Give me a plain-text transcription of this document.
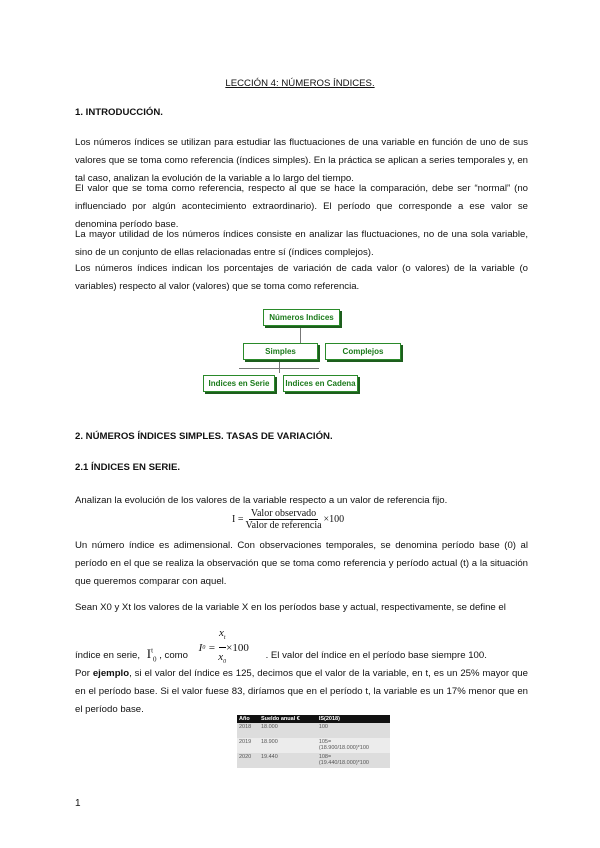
LECCIÓN 4: NÚMEROS ÍNDICES.
1. INTRODUCCIÓN.
Los números índices se utilizan para estudiar las fluctuaciones de una variable en función de uno de sus valores que se toma como referencia (índices simples). En la práctica se aplican a series temporales y, en tal caso, analizan la evolución de la variable a lo largo del tiempo.
El valor que se toma como referencia, respecto al que se hace la comparación, debe ser “normal” (no influenciado por algún acontecimiento extraordinario). El período que corresponde a ese valor se denomina período base.
La mayor utilidad de los números índices consiste en analizar las fluctuaciones, no de una sola variable, sino de un conjunto de ellas relacionadas entre sí (índices complejos).
Los números índices indican los porcentajes de variación de cada valor (o valores) de la variable (o variables) respecto al valor (valores) que se toma como referencia.
Números Indices
Simples	Complejos
Indices en Serie	Indices en Cadena
2. NÚMEROS ÍNDICES SIMPLES. TASAS DE VARIACIÓN.
2.1 ÍNDICES EN SERIE.
Analizan la evolución de los valores de la variable respecto a un valor de referencia fijo.
I =
Valor observado
Valor de referencia
×100
Un número índice es adimensional. Con observaciones temporales, se denomina período base (0) al período en el que se realiza la observación que se toma como referencia y período actual (t) a la situación que queremos comparar con aquel.
Sean X0 y Xt los valores de la variable X en los períodos base y actual, respectivamente, se define el
índice en serie, $I^t_0$ , como
I $0 = \frac{x_t}{x_0} \times 100$
. El valor del índice en el período base siempre 100.
Por ejemplo, si el valor del índice es 125, decimos que el valor de la variable, en t, es un 25% mayor que en el período base. Si el valor fuese 83, diríamos que en el período t, la variable es un 17% menor que en el período base.
Año	Sueldo anual €	IS(2018)
2018	18.000	100
2019	18.900	105=
(18.900/18.000)*100
2020	19.440	108=
(19.440/18.000)*100
1
